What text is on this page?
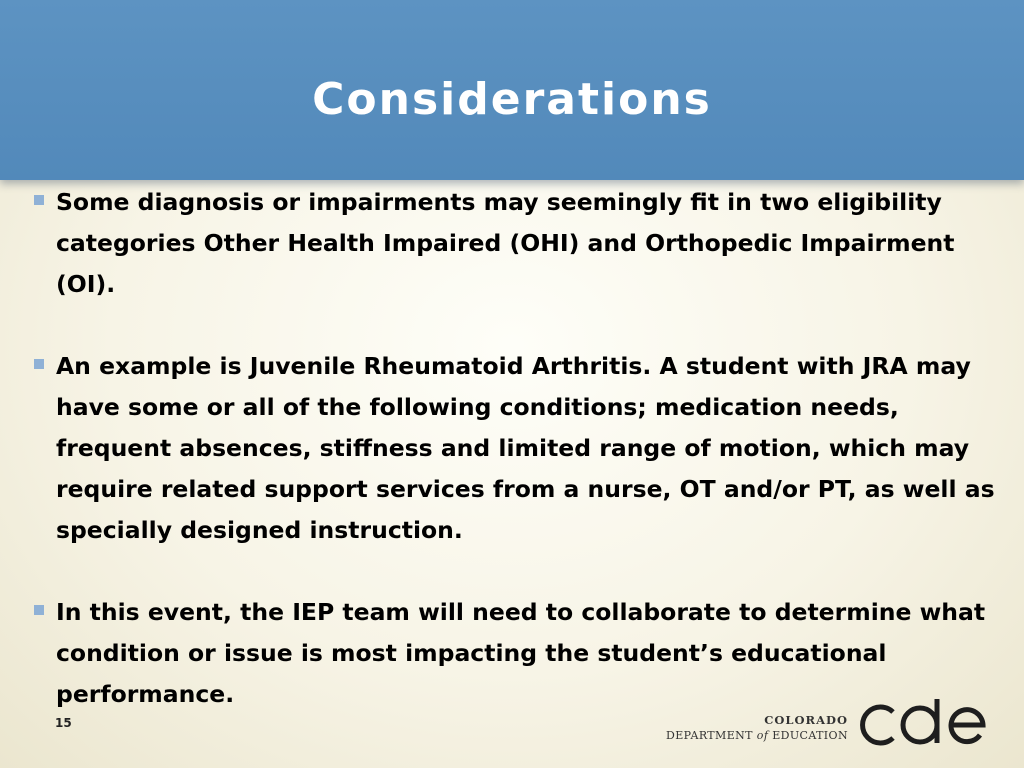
Considerations
Some diagnosis or impairments may seemingly fit in two eligibility categories Other Health Impaired (OHI) and Orthopedic Impairment (OI).
An example is Juvenile Rheumatoid Arthritis. A student with JRA may have some or all of the following conditions; medication needs, frequent absences, stiffness and limited range of motion, which may require related support services from a nurse, OT and/or PT, as well as specially designed instruction.
In this event, the IEP team will need to collaborate to determine what condition or issue is most impacting the student’s educational performance.
15	COLORADO
DEPARTMENT of EDUCATION
